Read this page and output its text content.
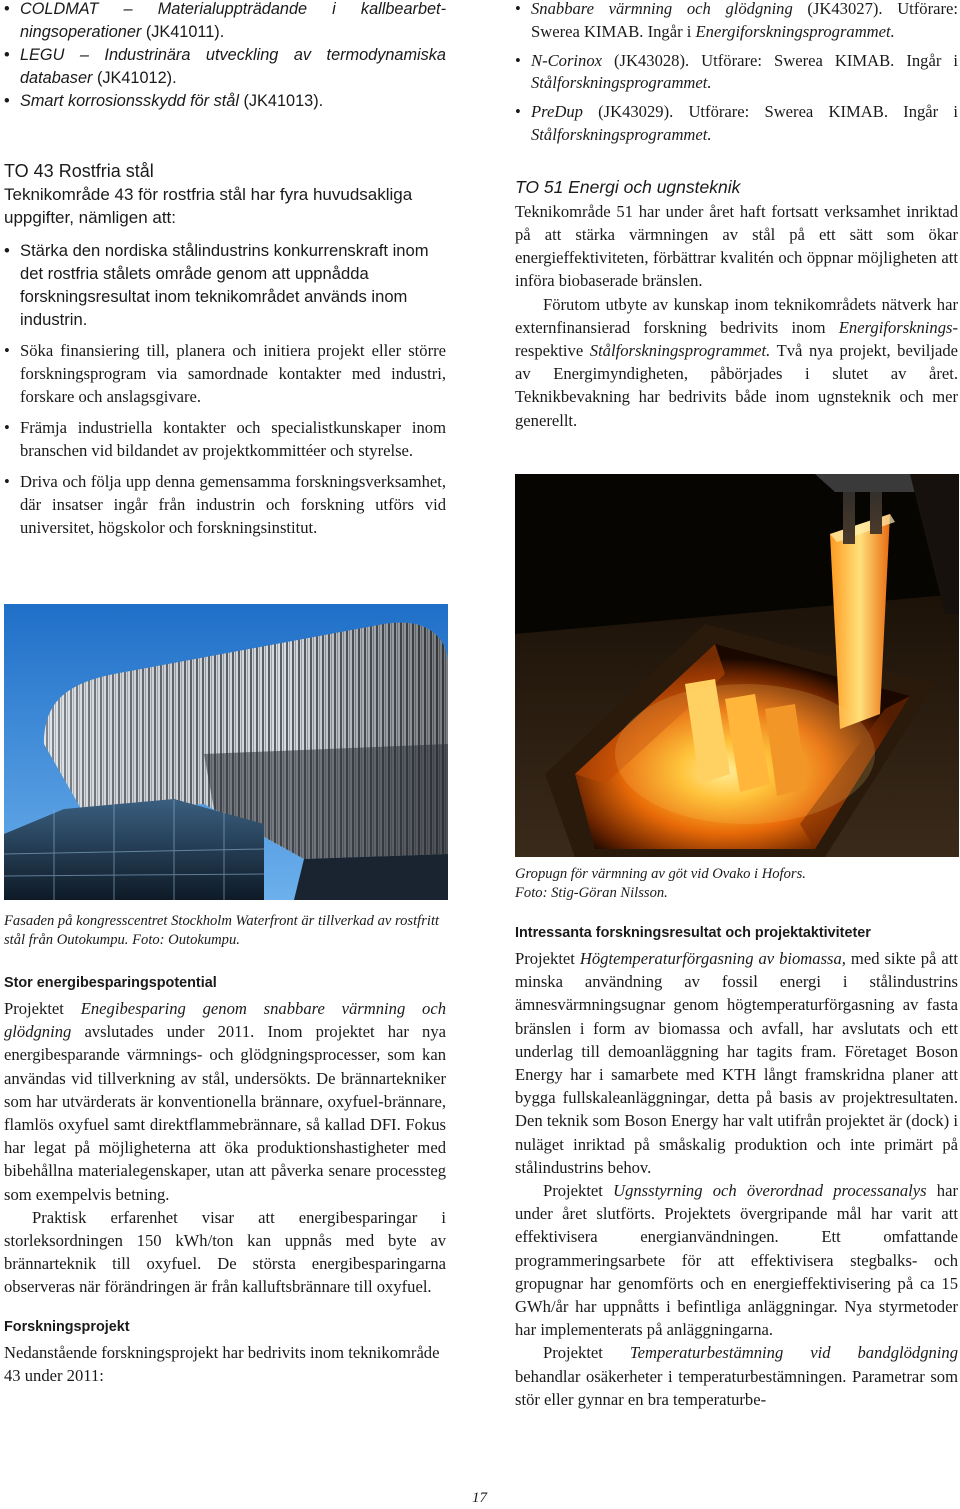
• COLDMAT – Materialuppträdande i kallbearbetningsoperationer (JK41011).
• LEGU – Industrinära utveckling av termodynamiska databaser (JK41012).
• Smart korrosionsskydd för stål (JK41013).
TO 43 Rostfria stål

Teknikområde 43 för rostfria stål har fyra huvudsakliga uppgifter, nämligen att:

• Stärka den nordiska stålindustrins konkurrenskraft inom det rostfria stålets område genom att uppnådda forskningsresultat inom teknikområdet används inom industrin.
• Söka finansiering till, planera och initiera projekt eller större forskningsprogram via samordnade kontakter med industri, forskare och anslagsgivare.
• Främja industriella kontakter och specialistkunskaper inom branschen vid bildandet av projektkommittéer och styrelse.
• Driva och följa upp denna gemensamma forskningsverksamhet, där insatser ingår från industrin och forskning utförs vid universitet, högskolor och forskningsinstitut.
• Snabbare värmning och glödgning (JK43027). Utförare: Swerea KIMAB. Ingår i Energiforskningsprogrammet.
• N-Corinox (JK43028). Utförare: Swerea KIMAB. Ingår i Stålforskningsprogrammet.
• PreDup (JK43029). Utförare: Swerea KIMAB. Ingår i Stålforskningsprogrammet.
TO 51 Energi och ugnsteknik

Teknikområde 51 har under året haft fortsatt verksamhet inriktad på att stärka värmningen av stål på ett sätt som ökar energieffektiviteten, förbättrar kvalitén och öppnar möjligheten att införa biobaserade bränslen.

Förutom utbyte av kunskap inom teknikområdets nätverk har externfinansierad forskning bedrivits inom Energiforsknings- respektive Stålforskningsprogrammet. Två nya projekt, beviljade av Energimyndigheten, påbörjades i slutet av året. Teknikbevakning har bedrivits både inom ugnsteknik och mer generellt.

Gropugn för värmning av göt vid Ovako i Hofors.
Foto: Stig-Göran Nilsson.

Fasaden på kongresscentret Stockholm Waterfront är tillverkad av rostfritt stål från Outokumpu. Foto: Outokumpu.

Stor energibesparingspotential

Projektet Enegibesparing genom snabbare värmning och glödgning avslutades under 2011. Inom projektet har nya energibesparande värmnings- och glödgningsprocesser, som kan användas vid tillverkning av stål, undersökts. De brännartekniker som har utvärderats är konventionella brännare, oxyfuel-brännare, flamlös oxyfuel samt direktflammebrännare, så kallad DFI. Fokus har legat på möjligheterna att öka produktionshastigheter med bibehållna materialegenskaper, utan att påverka senare processteg som exempelvis betning.

Praktisk erfarenhet visar att energibesparingar i storleksordningen 150 kWh/ton kan uppnås med byte av brännarteknik till oxyfuel. De största energibesparingarna observeras när förändringen är från kalluftsbrännare till oxyfuel.

Forskningsprojekt

Nedanstående forskningsprojekt har bedrivits inom teknikområde 43 under 2011:

Intressanta forskningsresultat och projektaktiviteter

Projektet Högtemperaturförgasning av biomassa, med sikte på att minska användning av fossil energi i stålindustrins ämnesvärmningsugnar genom högtemperaturförgasning av fasta bränslen i form av biomassa och avfall, har avslutats och ett underlag till demoanläggning har tagits fram. Företaget Boson Energy har i samarbete med KTH långt framskridna planer att bygga fullskaleanläggningar, detta på basis av projektresultaten. Den teknik som Boson Energy har valt utifrån projektet är (dock) i nuläget inriktad på småskalig produktion och inte primärt på stålindustrins behov.

Projektet Ugnsstyrning och överordnad processanalys har under året slutförts. Projektets övergripande mål har varit att effektivisera energianvändningen. Ett omfattande programmeringsarbete för att effektivisera stegbalks- och gropugnar har genomförts och en energieffektivisering på ca 15 GWh/år har uppnåtts i befintliga anläggningar. Nya styrmetoder har implementerats på anläggningarna.

Projektet Temperaturbestämning vid bandglödgning behandlar osäkerheter i temperaturbestämningen. Parametrar som stör eller gynnar en bra temperaturbe-

17
